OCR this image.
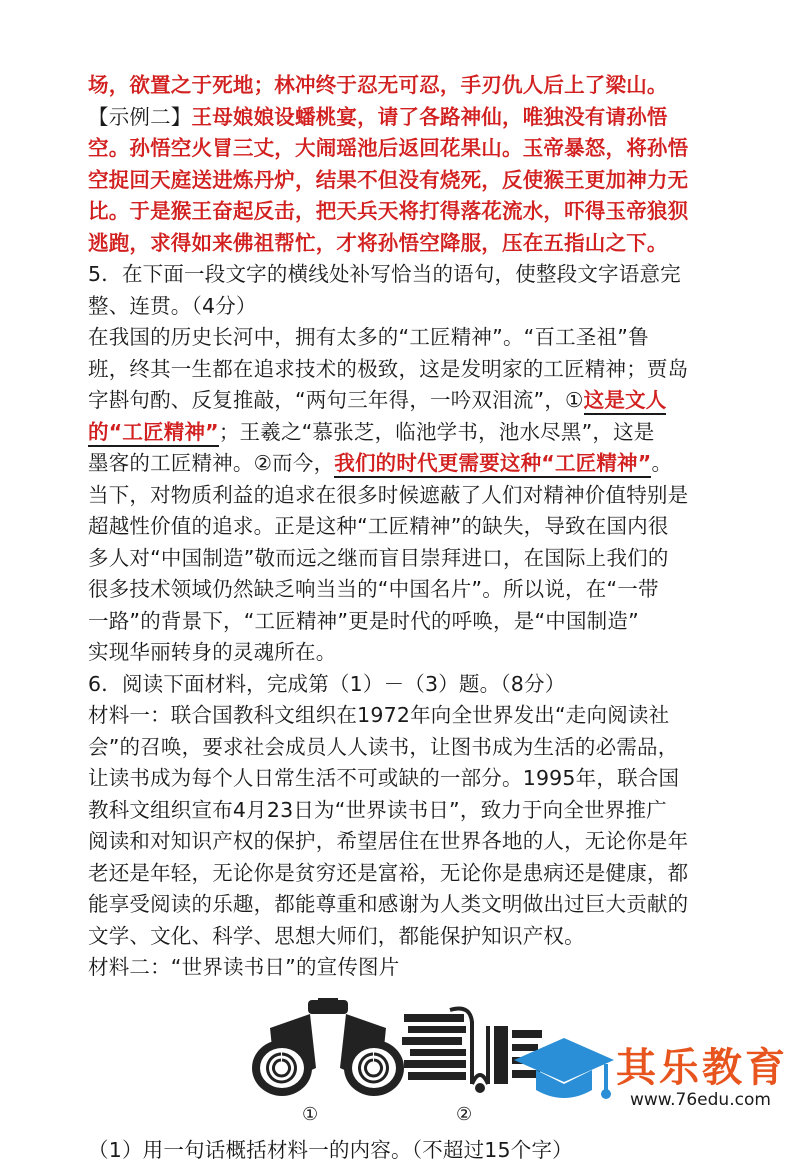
场，欲置之于死地；林冲终于忍无可忍，手刃仇人后上了梁山。
【示例二】王母娘娘设蟠桃宴，请了各路神仙，唯独没有请孙悟
空。孙悟空火冒三丈，大闹瑶池后返回花果山。玉帝暴怒，将孙悟
空捉回天庭送进炼丹炉，结果不但没有烧死，反使猴王更加神力无
比。于是猴王奋起反击，把天兵天将打得落花流水，吓得玉帝狼狈
逃跑，求得如来佛祖帮忙，才将孙悟空降服，压在五指山之下。
5．在下面一段文字的横线处补写恰当的语句，使整段文字语意完
整、连贯。（4分）
在我国的历史长河中，拥有太多的“工匠精神”。“百工圣祖”鲁
班，终其一生都在追求技术的极致，这是发明家的工匠精神；贾岛
字斟句酌、反复推敲，“两句三年得，一吟双泪流”，①这是文人
的“工匠精神”；王羲之“慕张芝，临池学书，池水尽黑”，这是
墨客的工匠精神。②而今，我们的时代更需要这种“工匠精神”。
当下，对物质利益的追求在很多时候遮蔽了人们对精神价值特别是
超越性价值的追求。正是这种“工匠精神”的缺失，导致在国内很
多人对“中国制造”敬而远之继而盲目崇拜进口，在国际上我们的
很多技术领域仍然缺乏响当当的“中国名片”。所以说，在“一带
一路”的背景下，“工匠精神”更是时代的呼唤，是“中国制造”
实现华丽转身的灵魂所在。
6．阅读下面材料，完成第（1）－（3）题。（8分）
材料一：联合国教科文组织在1972年向全世界发出“走向阅读社
会”的召唤，要求社会成员人人读书，让图书成为生活的必需品，
让读书成为每个人日常生活不可或缺的一部分。1995年，联合国
教科文组织宣布4月23日为“世界读书日”，致力于向全世界推广
阅读和对知识产权的保护，希望居住在世界各地的人，无论你是年
老还是年轻，无论你是贫穷还是富裕，无论你是患病还是健康，都
能享受阅读的乐趣，都能尊重和感谢为人类文明做出过巨大贡献的
文学、文化、科学、思想大师们，都能保护知识产权。
材料二：“世界读书日”的宣传图片
①	②
（1）用一句话概括材料一的内容。（不超过15个字）
其乐教育
www.76edu.com
